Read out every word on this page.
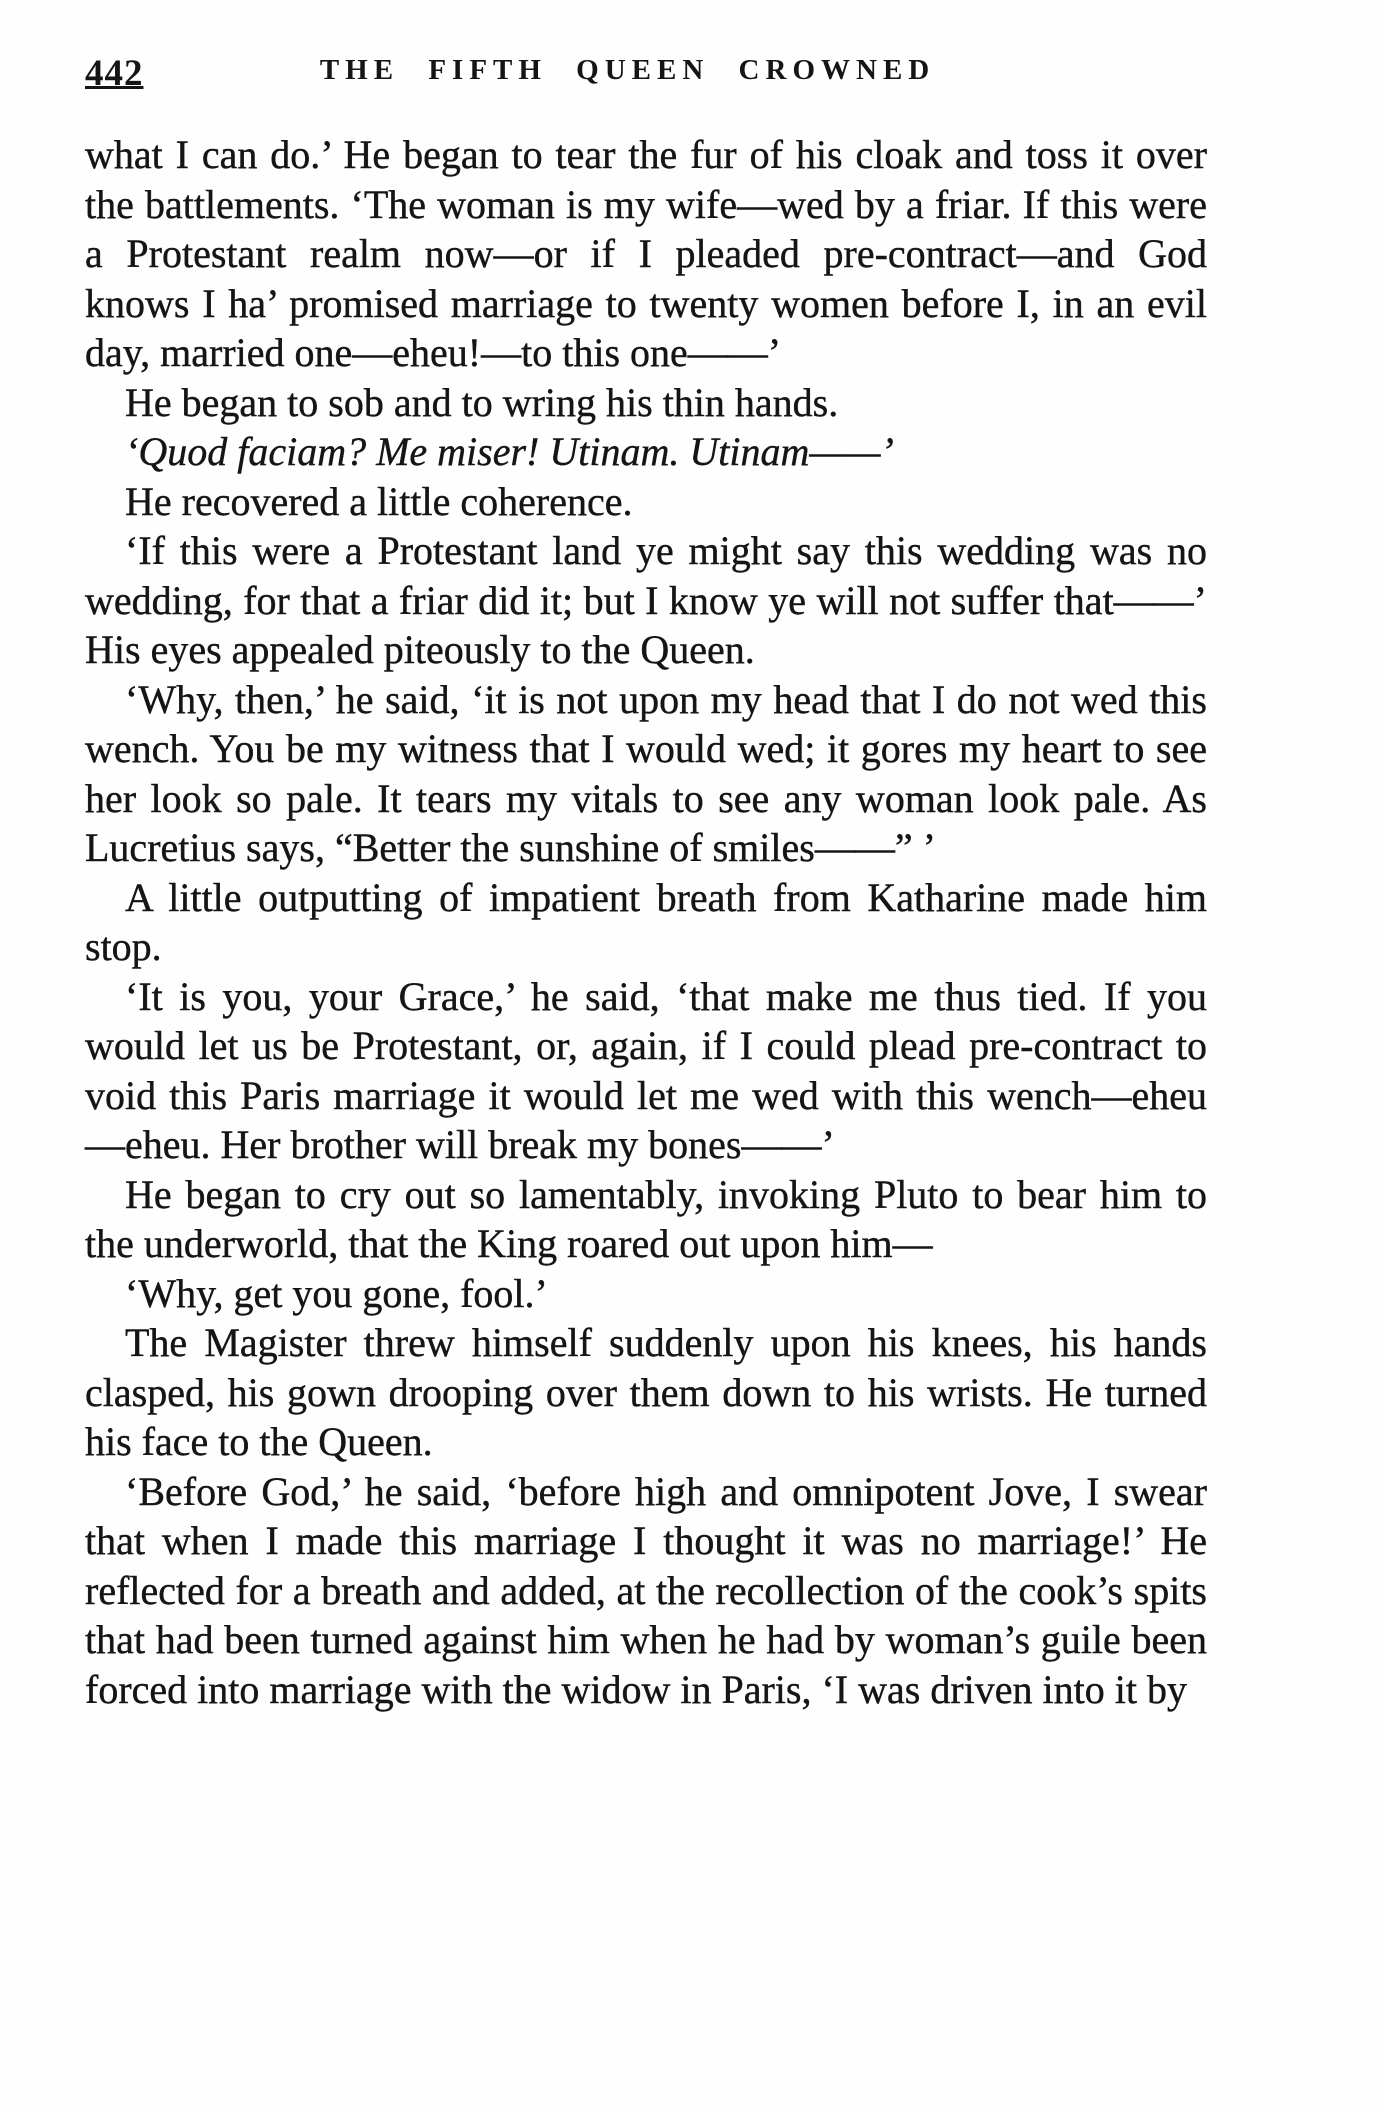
442	THE FIFTH QUEEN CROWNED

what I can do.’ He began to tear the fur of his cloak and toss it over the battlements. ‘The woman is my wife—wed by a friar. If this were a Protestant realm now—or if I pleaded pre-contract—and God knows I ha’ promised marriage to twenty women before I, in an evil day, married one—eheu!—to this one——’

He began to sob and to wring his thin hands.

‘Quod faciam? Me miser! Utinam. Utinam——’

He recovered a little coherence.

‘If this were a Protestant land ye might say this wedding was no wedding, for that a friar did it; but I know ye will not suffer that——’ His eyes appealed piteously to the Queen.

‘Why, then,’ he said, ‘it is not upon my head that I do not wed this wench. You be my witness that I would wed; it gores my heart to see her look so pale. It tears my vitals to see any woman look pale. As Lucretius says, “Better the sunshine of smiles——” ’

A little outputting of impatient breath from Katharine made him stop.

‘It is you, your Grace,’ he said, ‘that make me thus tied. If you would let us be Protestant, or, again, if I could plead pre-contract to void this Paris marriage it would let me wed with this wench—eheu—eheu. Her brother will break my bones——’

He began to cry out so lamentably, invoking Pluto to bear him to the underworld, that the King roared out upon him—

‘Why, get you gone, fool.’

The Magister threw himself suddenly upon his knees, his hands clasped, his gown drooping over them down to his wrists. He turned his face to the Queen.

‘Before God,’ he said, ‘before high and omnipotent Jove, I swear that when I made this marriage I thought it was no marriage!’ He reflected for a breath and added, at the recollection of the cook’s spits that had been turned against him when he had by woman’s guile been forced into marriage with the widow in Paris, ‘I was driven into it by
